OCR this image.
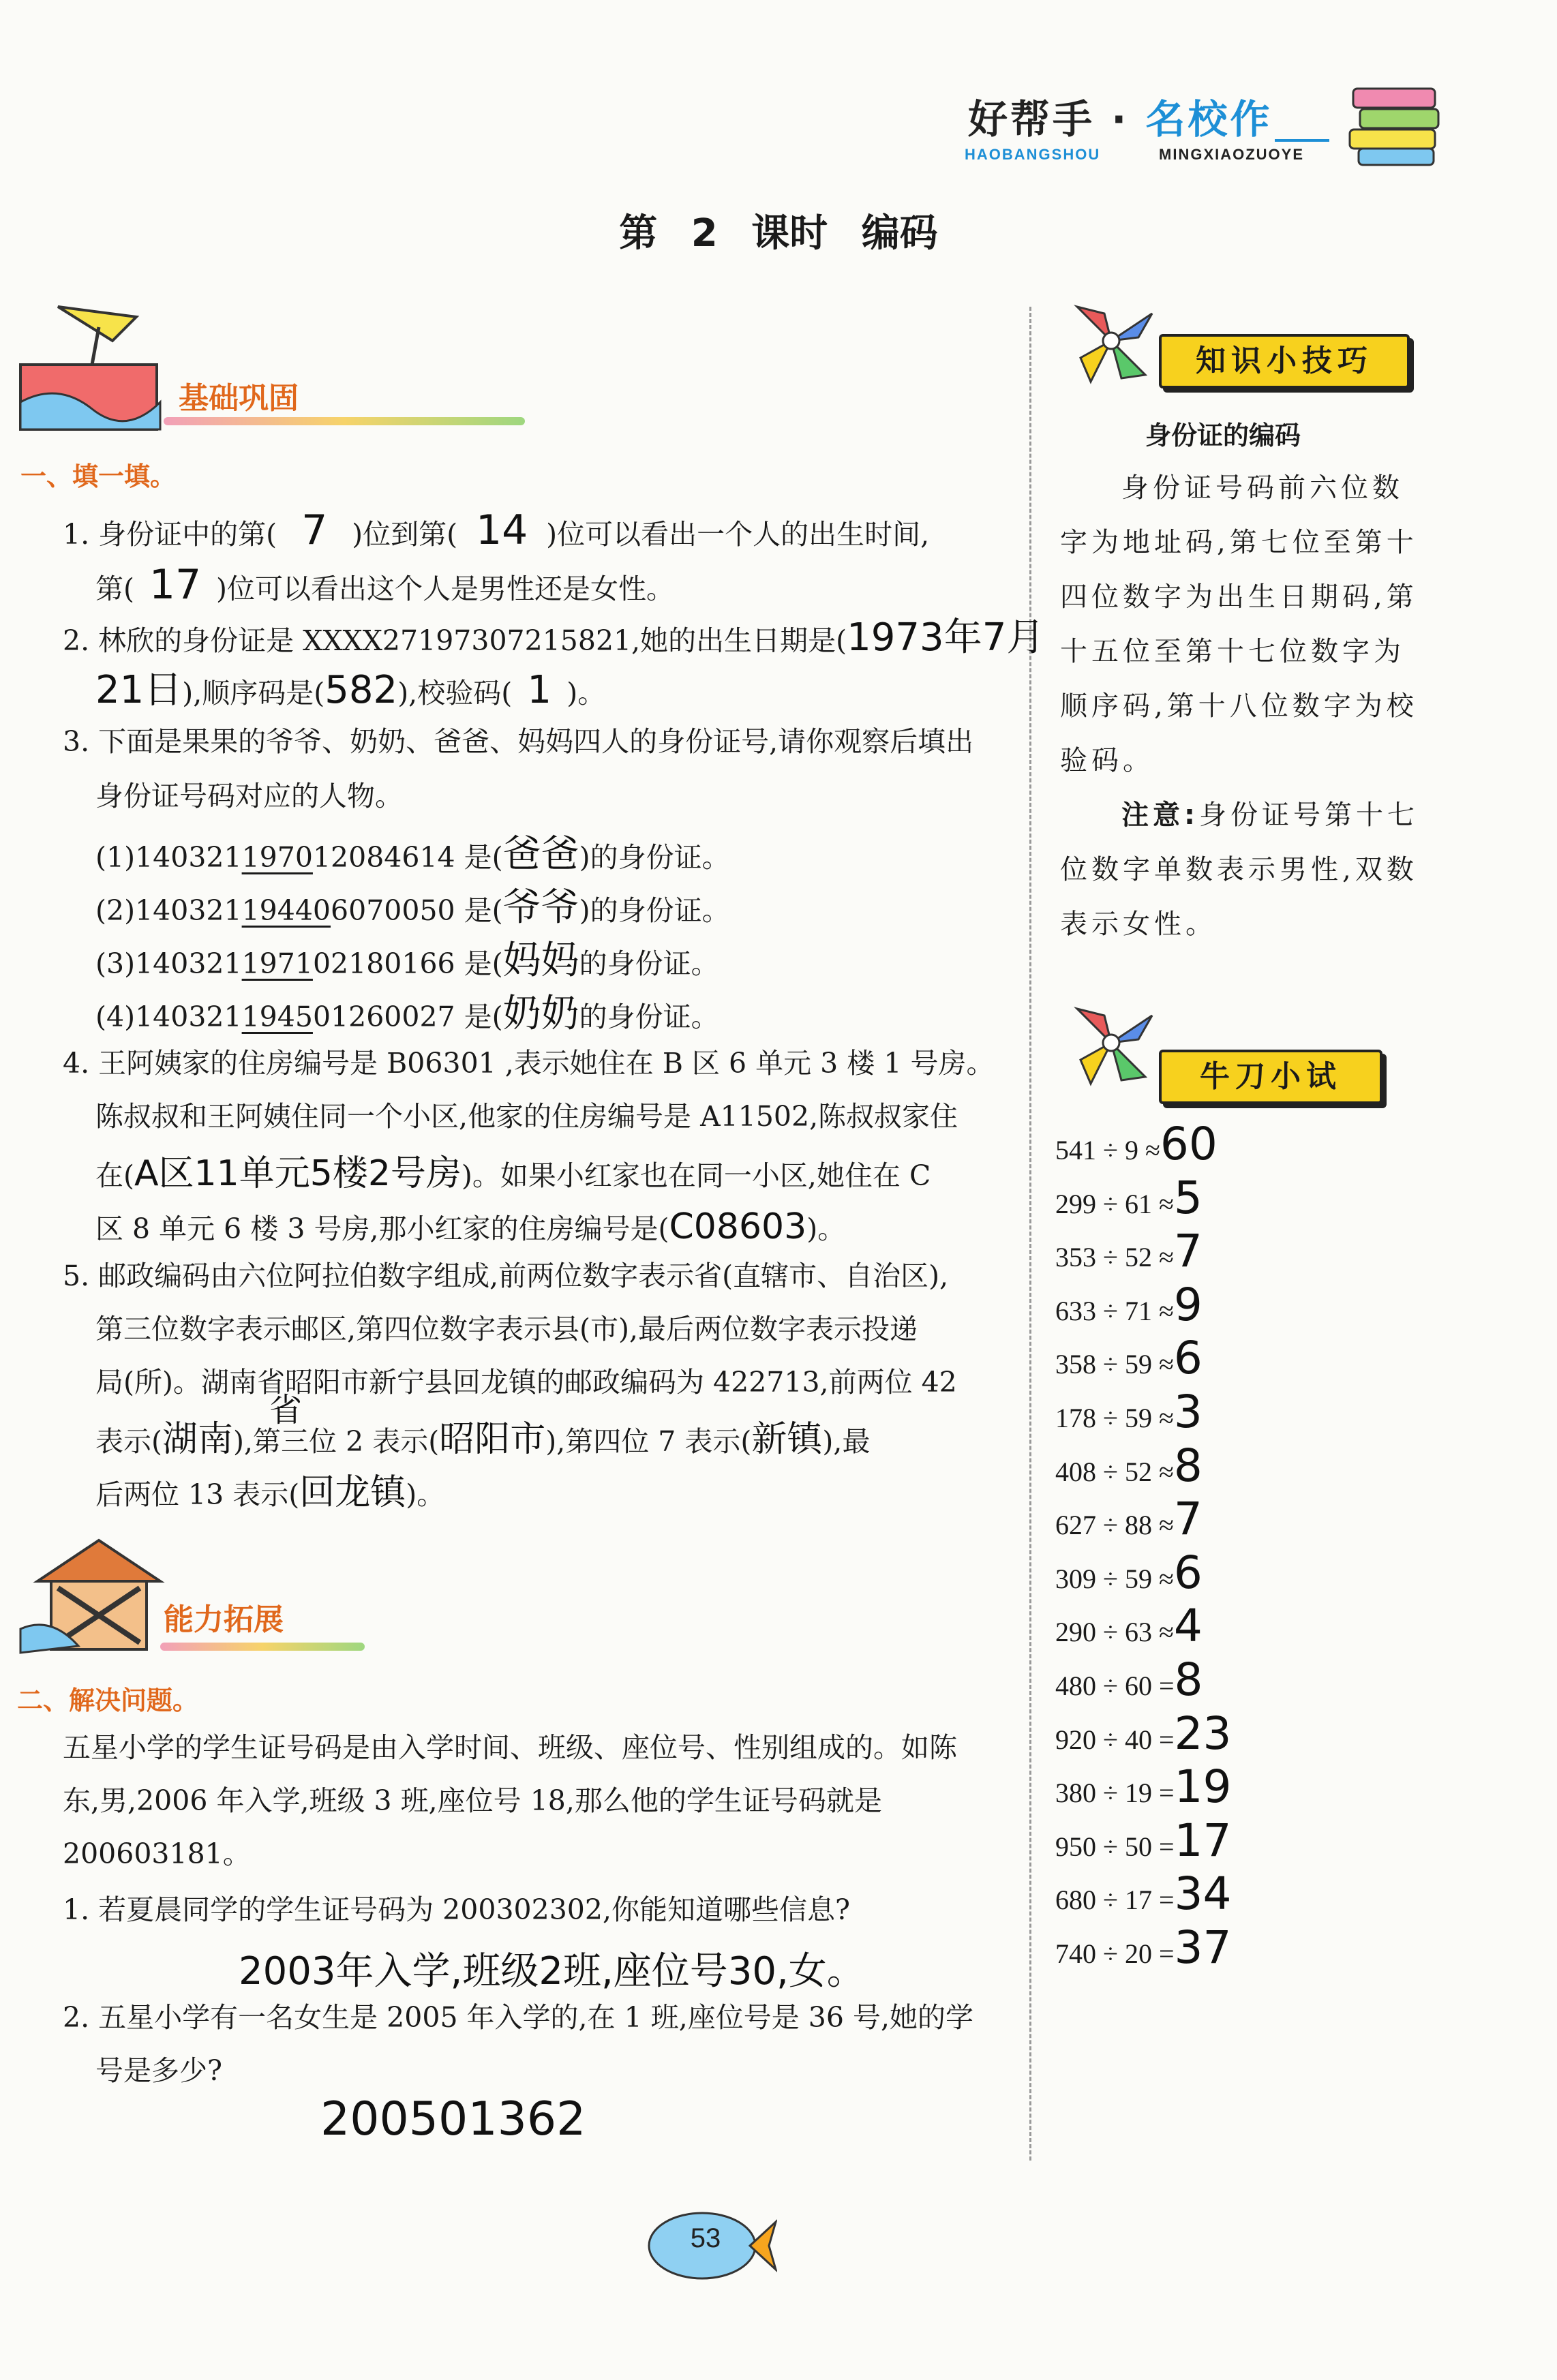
好帮手 · 名校作
HAOBANGSHOU	MINGXIAOZUOYE
第 2 课时 编码
基础巩固
一、填一填。
1. 身份证中的第( 7 )位到第( 14 )位可以看出一个人的出生时间,
第( 17 )位可以看出这个人是男性还是女性。
2. 林欣的身份证是 XXXX27197307215821,她的出生日期是(1973年7月
21日),顺序码是(582),校验码( 1 )。
3. 下面是果果的爷爷、奶奶、爸爸、妈妈四人的身份证号,请你观察后填出
身份证号码对应的人物。
(1)140321197012084614 是(爸爸)的身份证。
(2)140321194406070050 是(爷爷)的身份证。
(3)140321197102180166 是(妈妈的身份证。
(4)140321194501260027 是(奶奶的身份证。
4. 王阿姨家的住房编号是 B06301 ,表示她住在 B 区 6 单元 3 楼 1 号房。
陈叔叔和王阿姨住同一个小区,他家的住房编号是 A11502,陈叔叔家住
在(A区11单元5楼2号房)。如果小红家也在同一小区,她住在 C
区 8 单元 6 楼 3 号房,那小红家的住房编号是(C08603)。
5. 邮政编码由六位阿拉伯数字组成,前两位数字表示省(直辖市、自治区),
第三位数字表示邮区,第四位数字表示县(市),最后两位数字表示投递
局(所)。湖南省昭阳市新宁县回龙镇的邮政编码为 422713,前两位 42
省
表示(湖南),第三位 2 表示(昭阳市),第四位 7 表示(新镇),最
后两位 13 表示(回龙镇)。
能力拓展
二、解决问题。
五星小学的学生证号码是由入学时间、班级、座位号、性别组成的。如陈
东,男,2006 年入学,班级 3 班,座位号 18,那么他的学生证号码就是
200603181。
1. 若夏晨同学的学生证号码为 200302302,你能知道哪些信息?
2003年入学,班级2班,座位号30,女。
2. 五星小学有一名女生是 2005 年入学的,在 1 班,座位号是 36 号,她的学
号是多少?
200501362
知识小技巧
身份证的编码
身份证号码前六位数
字为地址码,第七位至第十
四位数字为出生日期码,第
十五位至第十七位数字为
顺序码,第十八位数字为校
验码。
注意:身份证号第十七
位数字单数表示男性,双数
表示女性。
牛刀小试
541 ÷ 9 ≈60
299 ÷ 61 ≈5
353 ÷ 52 ≈7
633 ÷ 71 ≈9
358 ÷ 59 ≈6
178 ÷ 59 ≈3
408 ÷ 52 ≈8
627 ÷ 88 ≈7
309 ÷ 59 ≈6
290 ÷ 63 ≈4
480 ÷ 60 =8
920 ÷ 40 =23
380 ÷ 19 =19
950 ÷ 50 =17
680 ÷ 17 =34
740 ÷ 20 =37
53
